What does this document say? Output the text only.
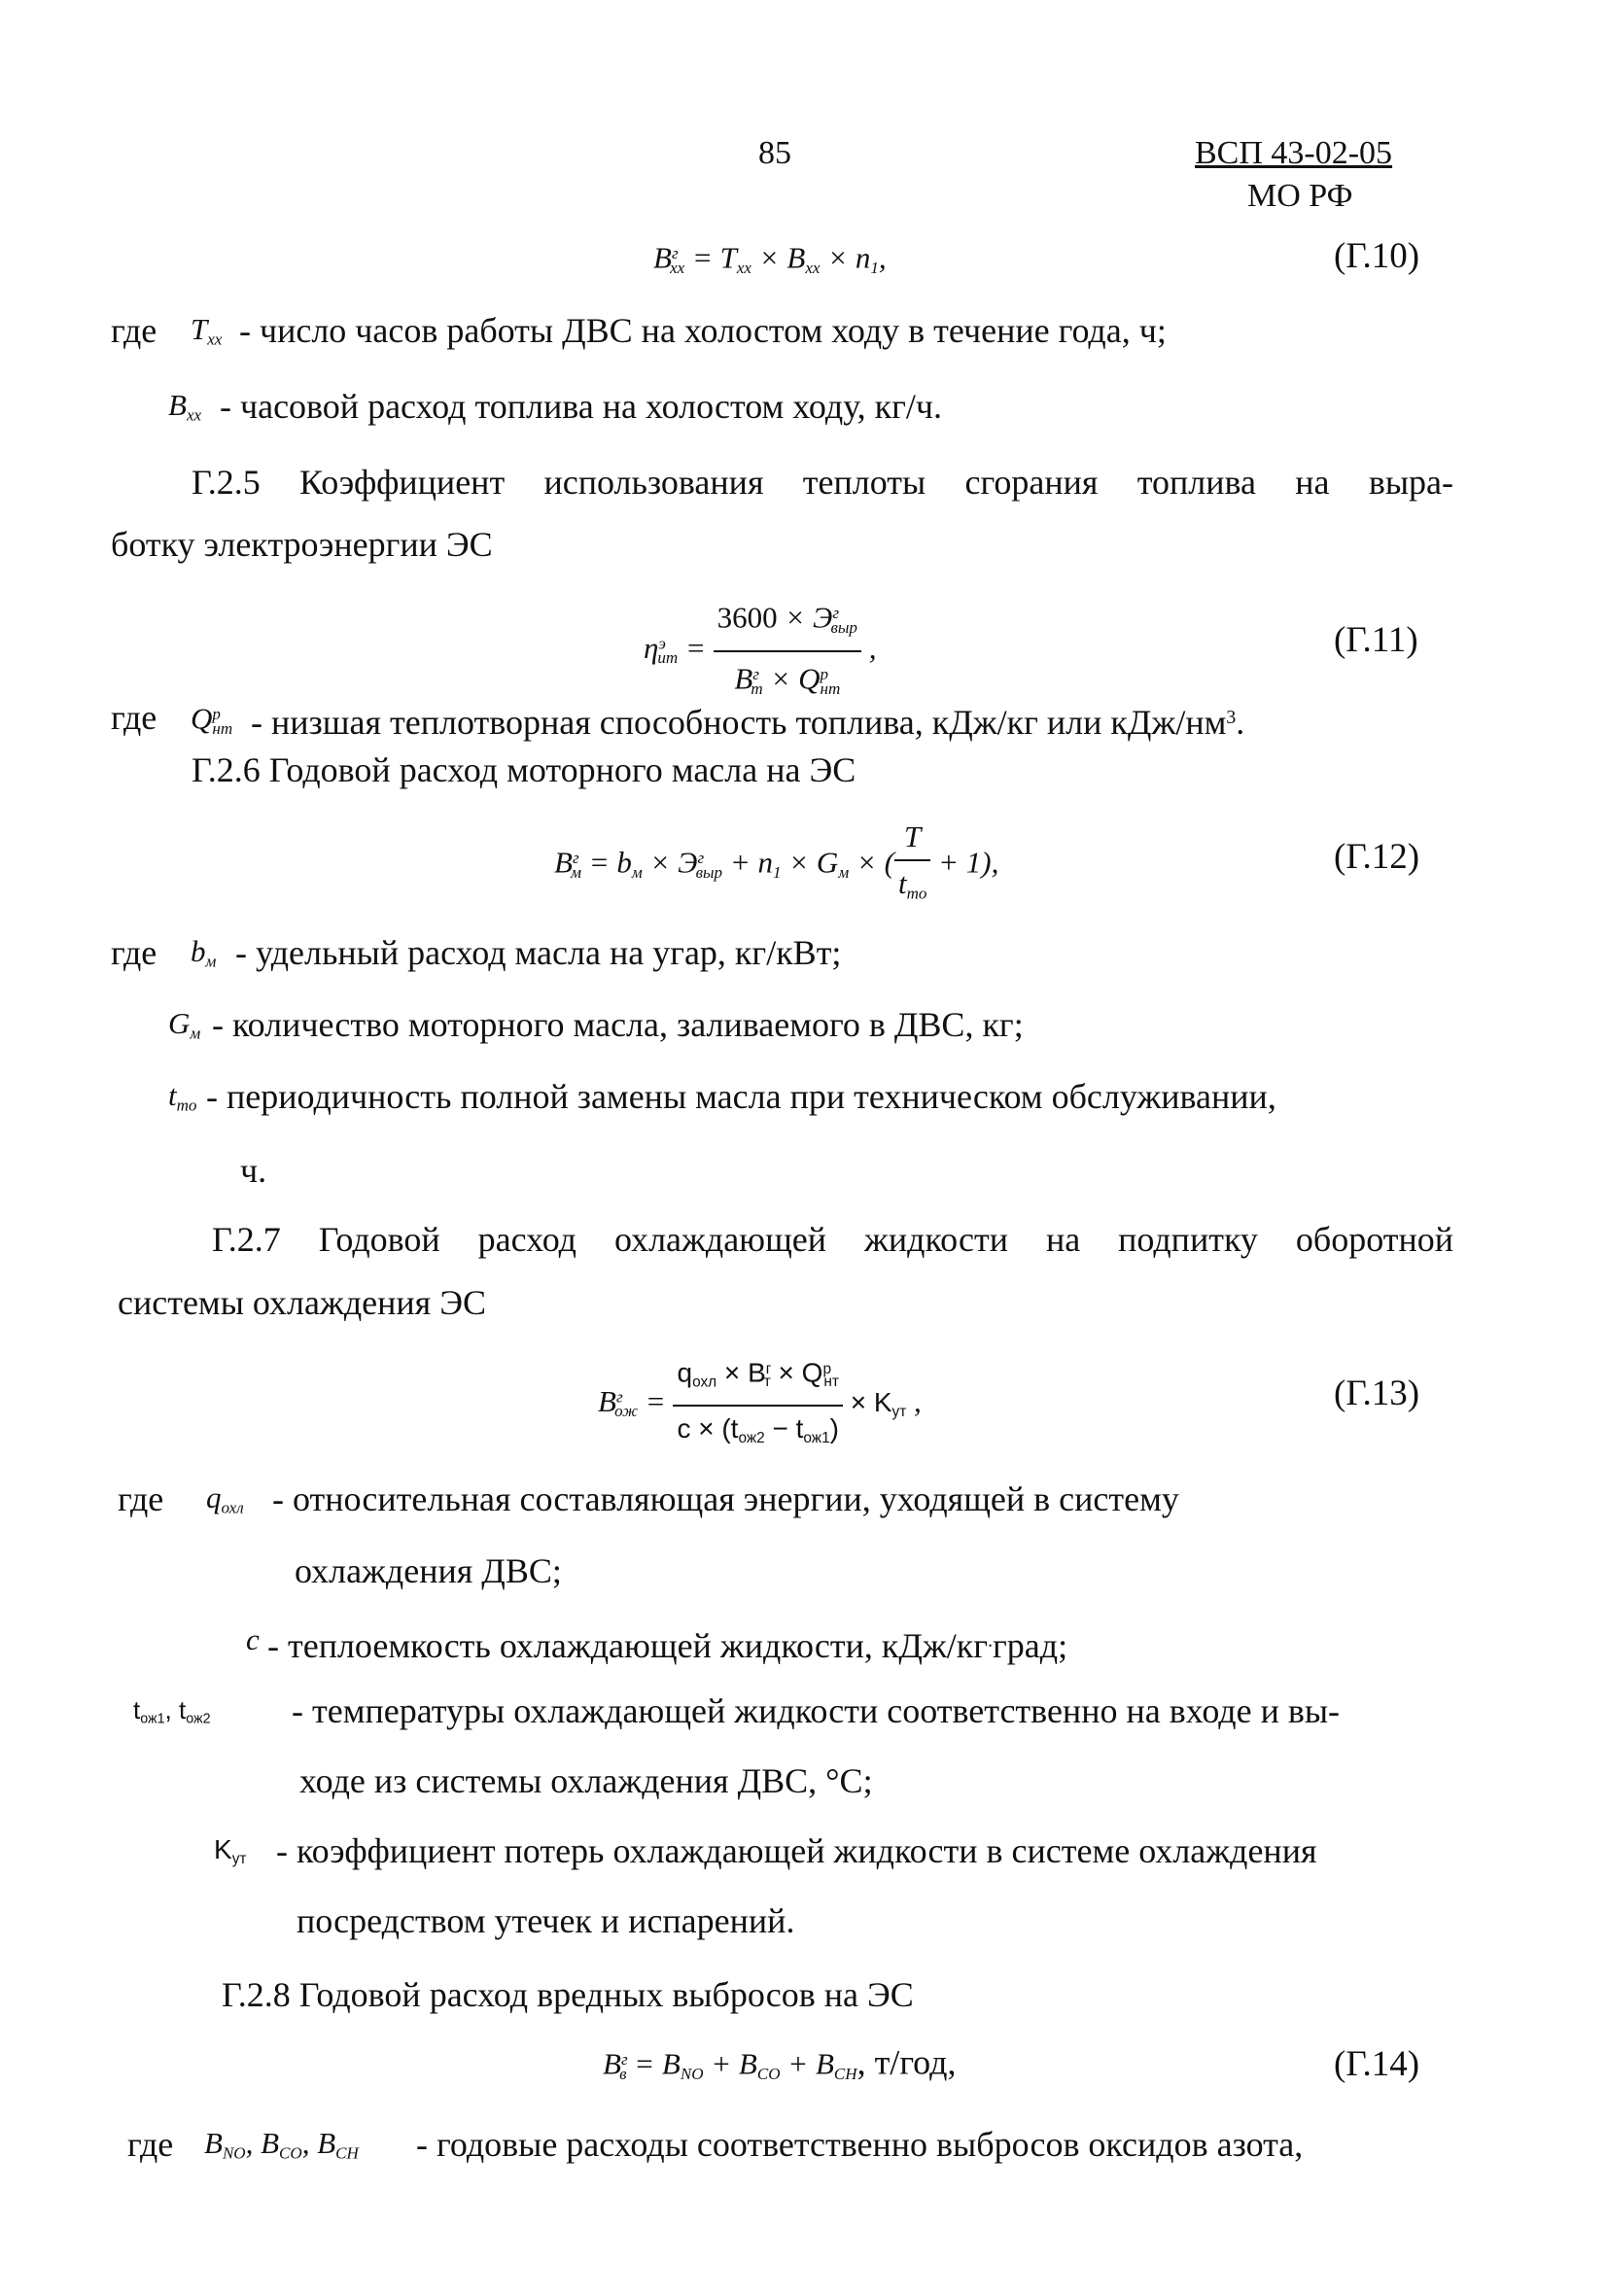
85	ВСП 43-02-05
МО РФ
$B^г_{хх} = T_{хх} \times B_{хх} \times n_1$,	(Г.10)
где $T_{хх}$ - число часов работы ДВС на холостом ходу в течение года, ч;
$B_{хх}$ - часовой расход топлива на холостом ходу, кг/ч.
Г.2.5 Коэффициент использования теплоты сгорания топлива на выра-
ботку электроэнергии ЭС
$\eta^э_{ит} = \frac{3600 \times Э^г_{выр}}{B^г_т \times Q^р_{нт}}$ ,	(Г.11)
где $Q^р_{нт}$ - низшая теплотворная способность топлива, кДж/кг или кДж/$нм^3$.
Г.2.6 Годовой расход моторного масла на ЭС
$B^г_м = b_м \times Э^г_{выр} + n_1 \times G_м$ × ( $\frac{T}{t_{то}} + 1$),	(Г.12)
где $b_м$ - удельный расход масла на угар, кг/кВт;
$G_м$ - количество моторного масла, заливаемого в ДВС, кг;
$t_{то}$ - периодичность полной замены масла при техническом обслуживании,
ч.
Г.2.7 Годовой расход охлаждающей жидкости на подпитку оборотной
системы охлаждения ЭС
$B^г_{ож} = \frac{q_{охл} \times B^г_т \times Q^р_{нт}}{c \times (t_{ож2} - t_{ож1})} \times K_{ут}$ ,	(Г.13)
где $q_{охл}$ - относительная составляющая энергии, уходящей в систему
охлаждения ДВС;
c - теплоемкость охлаждающей жидкости, кДж/кг.град;
$t_{ож1}$, $t_{ож2}$ - температуры охлаждающей жидкости соответственно на входе и вы-
ходе из системы охлаждения ДВС, °С;
$K_{ут}$ - коэффициент потерь охлаждающей жидкости в системе охлаждения
посредством утечек и испарений.
Г.2.8 Годовой расход вредных выбросов на ЭС
$B^г_в = B_{NO} + B_{CO} + B_{CH}$, т/год,	(Г.14)
где $B_{NO}$, $B_{CO}$, $B_{CH}$ - годовые расходы соответственно выбросов оксидов азота,
